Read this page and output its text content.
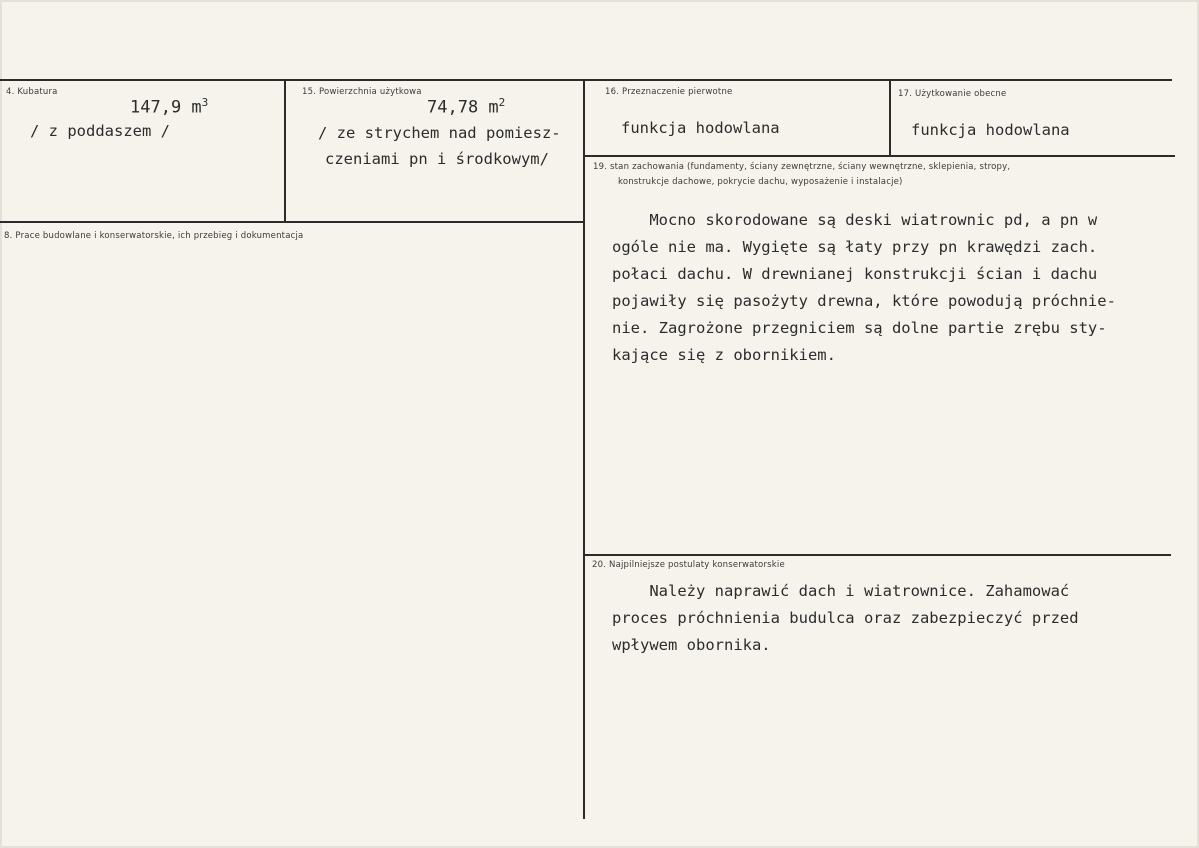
4. Kubatura
147,9 $m^3$
/ z poddaszem /
15. Powierzchnia użytkowa
74,78 $m^2$
/ ze strychem nad pomiesz-
czeniami pn i środkowym/
16. Przeznaczenie pierwotne
funkcja hodowlana
17. Użytkowanie obecne
funkcja hodowlana
8. Prace budowlane i konserwatorskie, ich przebieg i dokumentacja
19. stan zachowania (fundamenty, ściany zewnętrzne, ściany wewnętrzne, sklepienia, stropy,
konstrukcje dachowe, pokrycie dachu, wyposażenie i instalacje)
Mocno skorodowane są deski wiatrownic pd, a pn w
ogóle nie ma. Wygięte są łaty przy pn krawędzi zach.
połaci dachu. W drewnianej konstrukcji ścian i dachu
pojawiły się pasożyty drewna, które powodują próchnie-
nie. Zagrożone przegniciem są dolne partie zrębu sty-
kające się z obornikiem.
20. Najpilniejsze postulaty konserwatorskie
Należy naprawić dach i wiatrownice. Zahamować
proces próchnienia budulca oraz zabezpieczyć przed
wpływem obornika.
